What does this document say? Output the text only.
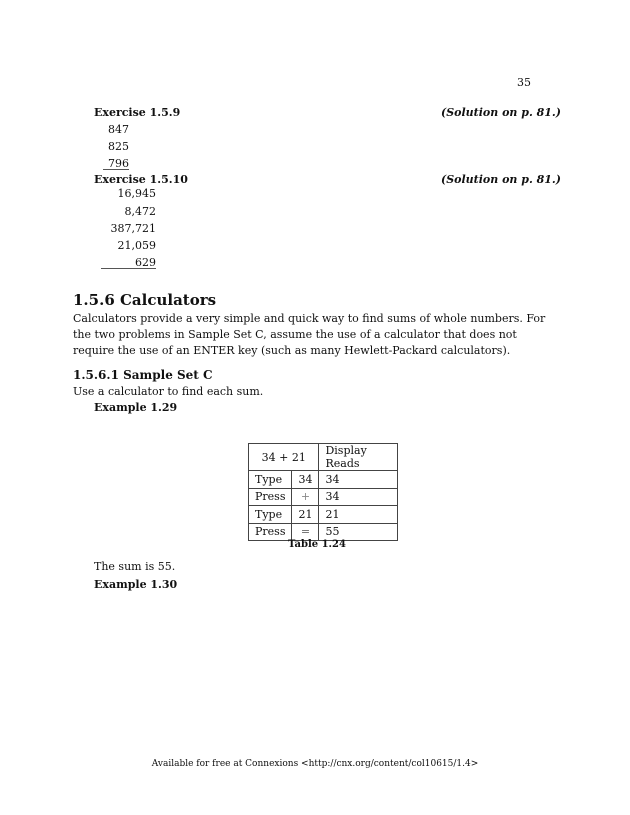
35
Exercise 1.5.9	(Solution on p. 81.)
847
825
796
Exercise 1.5.10	(Solution on p. 81.)
16,945
8,472
387,721
21,059
629
1.5.6 Calculators
Calculators provide a very simple and quick way to find sums of whole numbers. For the two problems in Sample Set C, assume the use of a calculator that does not require the use of an ENTER key (such as many Hewlett-Packard calculators).
1.5.6.1 Sample Set C
Use a calculator to find each sum.
Example 1.29
34 + 21		Display Reads
Type	34	34
Press	+	34
Type	21	21
Press	=	55
Table 1.24
The sum is 55.
Example 1.30
Available for free at Connexions <http://cnx.org/content/col10615/1.4>
